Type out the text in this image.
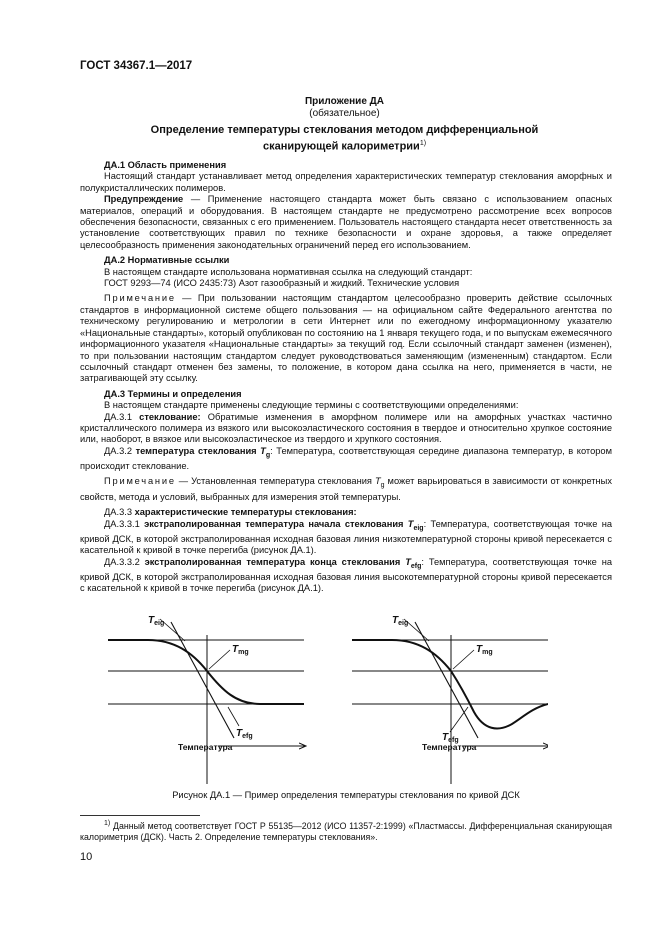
ГОСТ 34367.1—2017
Приложение ДА
(обязательное)
Определение температуры стеклования методом дифференциальной
сканирующей калориметрии$^{1)}$
ДА.1 Область применения

Настоящий стандарт устанавливает метод определения характеристических температур стеклования аморфных и полукристаллических полимеров.

Предупреждение — Применение настоящего стандарта может быть связано с использованием опасных материалов, операций и оборудования. В настоящем стандарте не предусмотрено рассмотрение всех вопросов обеспечения безопасности, связанных с его применением. Пользователь настоящего стандарта несет ответственность за установление соответствующих правил по технике безопасности и охране здоровья, а также определяет целесообразность применения законодательных ограничений перед его использованием.

ДА.2 Нормативные ссылки

В настоящем стандарте использована нормативная ссылка на следующий стандарт:

ГОСТ 9293—74 (ИСО 2435:73) Азот газообразный и жидкий. Технические условия

Примечание — При пользовании настоящим стандартом целесообразно проверить действие ссылочных стандартов в информационной системе общего пользования — на официальном сайте Федерального агентства по техническому регулированию и метрологии в сети Интернет или по ежегодному информационному указателю «Национальные стандарты», который опубликован по состоянию на 1 января текущего года, и по выпускам ежемесячного информационного указателя «Национальные стандарты» за текущий год. Если ссылочный стандарт заменен (изменен), то при пользовании настоящим стандартом следует руководствоваться заменяющим (измененным) стандартом. Если ссылочный стандарт отменен без замены, то положение, в котором дана ссылка на него, применяется в части, не затрагивающей эту ссылку.

ДА.3 Термины и определения

В настоящем стандарте применены следующие термины с соответствующими определениями:

ДА.3.1 стеклование: Обратимые изменения в аморфном полимере или на аморфных участках частично кристаллического полимера из вязкого или высокоэластического состояния в твердое и относительно хрупкое состояние или, наоборот, в вязкое или высокоэластическое из твердого и хрупкого состояния.

ДА.3.2 температура стеклования $T_g$: Температура, соответствующая середине диапазона температур, в котором происходит стеклование.

Примечание — Установленная температура стеклования $T_g$ может варьироваться в зависимости от конкретных свойств, метода и условий, выбранных для измерения этой температуры.

ДА.3.3 характеристические температуры стеклования:

ДА.3.3.1 экстраполированная температура начала стеклования $T_{eig}$: Температура, соответствующая точке на кривой ДСК, в которой экстраполированная исходная базовая линия низкотемпературной стороны кривой пересекается с касательной к кривой в точке перегиба (рисунок ДА.1).

ДА.3.3.2 экстраполированная температура конца стеклования $T_{efg}$: Температура, соответствующая точке на кривой ДСК, в которой экстраполированная исходная базовая линия высокотемпературной стороны кривой пересекается с касательной к кривой в точке перегиба (рисунок ДА.1).

$T_{eig}$
$T_{mg}$
$T_{efg}$
Температура
$T_{eig}$
$T_{mg}$
$T_{efg}$
Температура
Рисунок ДА.1 — Пример определения температуры стеклования по кривой ДСК
$^{1)}$ Данный метод соответствует ГОСТ Р 55135—2012 (ИСО 11357-2:1999) «Пластмассы. Дифференциальная сканирующая калориметрия (ДСК). Часть 2. Определение температуры стеклования».
10
